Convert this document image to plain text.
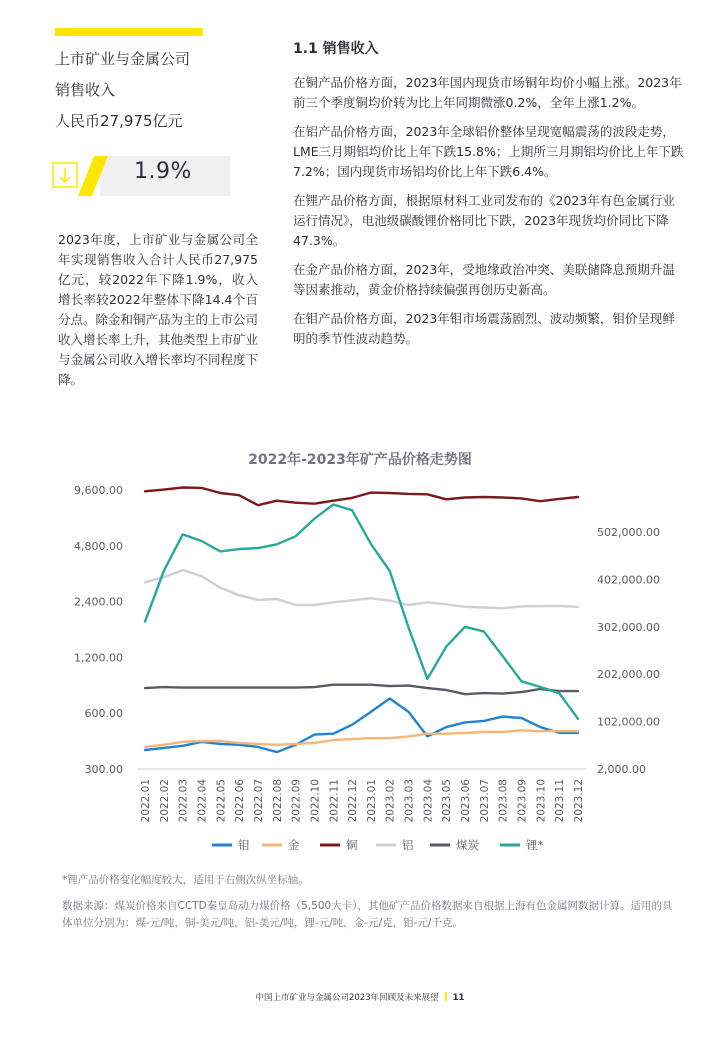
上市矿业与金属公司
销售收入
人民币27,975亿元
1.9%
2023年度，上市矿业与金属公司全年实现销售收入合计人民币27,975亿元，较2022年下降1.9%，收入增长率较2022年整体下降14.4个百分点。除金和铜产品为主的上市公司收入增长率上升，其他类型上市矿业与金属公司收入增长率均不同程度下降。
1.1 销售收入

在铜产品价格方面，2023年国内现货市场铜年均价小幅上涨。2023年前三个季度铜均价转为比上年同期微涨0.2%，全年上涨1.2%。

在铝产品价格方面，2023年全球铝价整体呈现宽幅震荡的波段走势，LME三月期铝均价比上年下跌15.8%；上期所三月期铝均价比上年下跌7.2%；国内现货市场铝均价比上年下跌6.4%。

在锂产品价格方面，根据原材料工业司发布的《2023年有色金属行业运行情况》，电池级碳酸锂价格同比下跌，2023年现货均价同比下降47.3%。

在金产品价格方面，2023年，受地缘政治冲突、美联储降息预期升温等因素推动，黄金价格持续偏强再创历史新高。

在钼产品价格方面，2023年钼市场震荡剧烈、波动频繁，钼价呈现鲜明的季节性波动趋势。

2022年-2023年矿产品价格走势图
9,600.00
4,800.00
2,400.00
1,200.00
600.00
300.00
502,000.00
402,000.00
302,000.00
202,000.00
102,000.00
2,000.00
2022.01 2022.02 2022.03 2022.04 2022.05 2022.06 2022.07 2022.08 2022.09 2022.10 2022.11 2022.12 2023.01 2023.02 2023.03 2023.04 2023.05 2023.06 2023.07 2023.08 2023.09 2023.10 2023.11 2023.12
钼	金	铜	铝	煤炭	锂*
*锂产品价格变化幅度较大，适用于右侧次纵坐标轴。
数据来源：煤炭价格来自CCTD秦皇岛动力煤价格（5,500大卡），其他矿产品价格数据来自根据上海有色金属网数据计算。适用的具体单位分别为：煤-元/吨，铜-美元/吨，铝-美元/吨，锂-元/吨，金-元/克，钼-元/千克。
中国上市矿业与金属公司2023年回顾及未来展望 11
